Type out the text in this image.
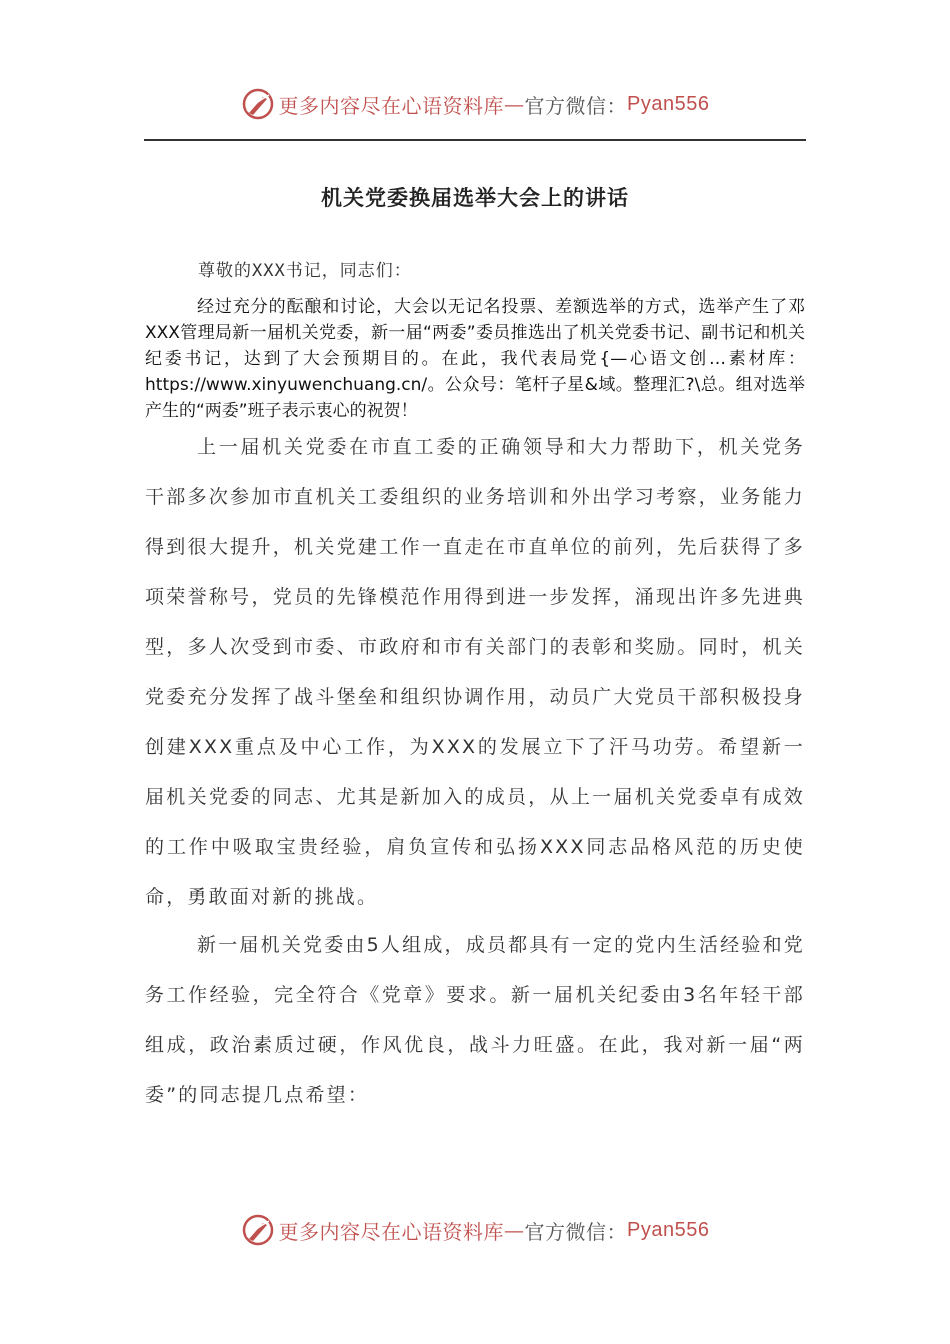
更多内容尽在心语资料库 — 官方微信： Pyan556
机关党委换届选举大会上的讲话
尊敬的XXX书记，同志们：
经过充分的酝酿和讨论，大会以无记名投票、差额选举的方式，选举产生了邓XXX管理局新一届机关党委，新一届“两委”委员推选出了机关党委书记、副书记和机关纪委书记，达到了大会预期目的。在此，我代表局党{—心语文创…素材库：https://www.xinyuwenchuang.cn/。公众号：笔杆子星&域。整理汇?\总。组对选举产生的“两委”班子表示衷心的祝贺！
上一届机关党委在市直工委的正确领导和大力帮助下，机关党务干部多次参加市直机关工委组织的业务培训和外出学习考察，业务能力得到很大提升，机关党建工作一直走在市直单位的前列，先后获得了多项荣誉称号，党员的先锋模范作用得到进一步发挥，涌现出许多先进典型，多人次受到市委、市政府和市有关部门的表彰和奖励。同时，机关党委充分发挥了战斗堡垒和组织协调作用，动员广大党员干部积极投身创建XXX重点及中心工作，为XXX的发展立下了汗马功劳。希望新一届机关党委的同志、尤其是新加入的成员，从上一届机关党委卓有成效的工作中吸取宝贵经验，肩负宣传和弘扬XXX同志品格风范的历史使命，勇敢面对新的挑战。
新一届机关党委由5人组成，成员都具有一定的党内生活经验和党务工作经验，完全符合《党章》要求。新一届机关纪委由3名年轻干部组成，政治素质过硬，作风优良，战斗力旺盛。在此，我对新一届“两委”的同志提几点希望：
更多内容尽在心语资料库 — 官方微信： Pyan556
